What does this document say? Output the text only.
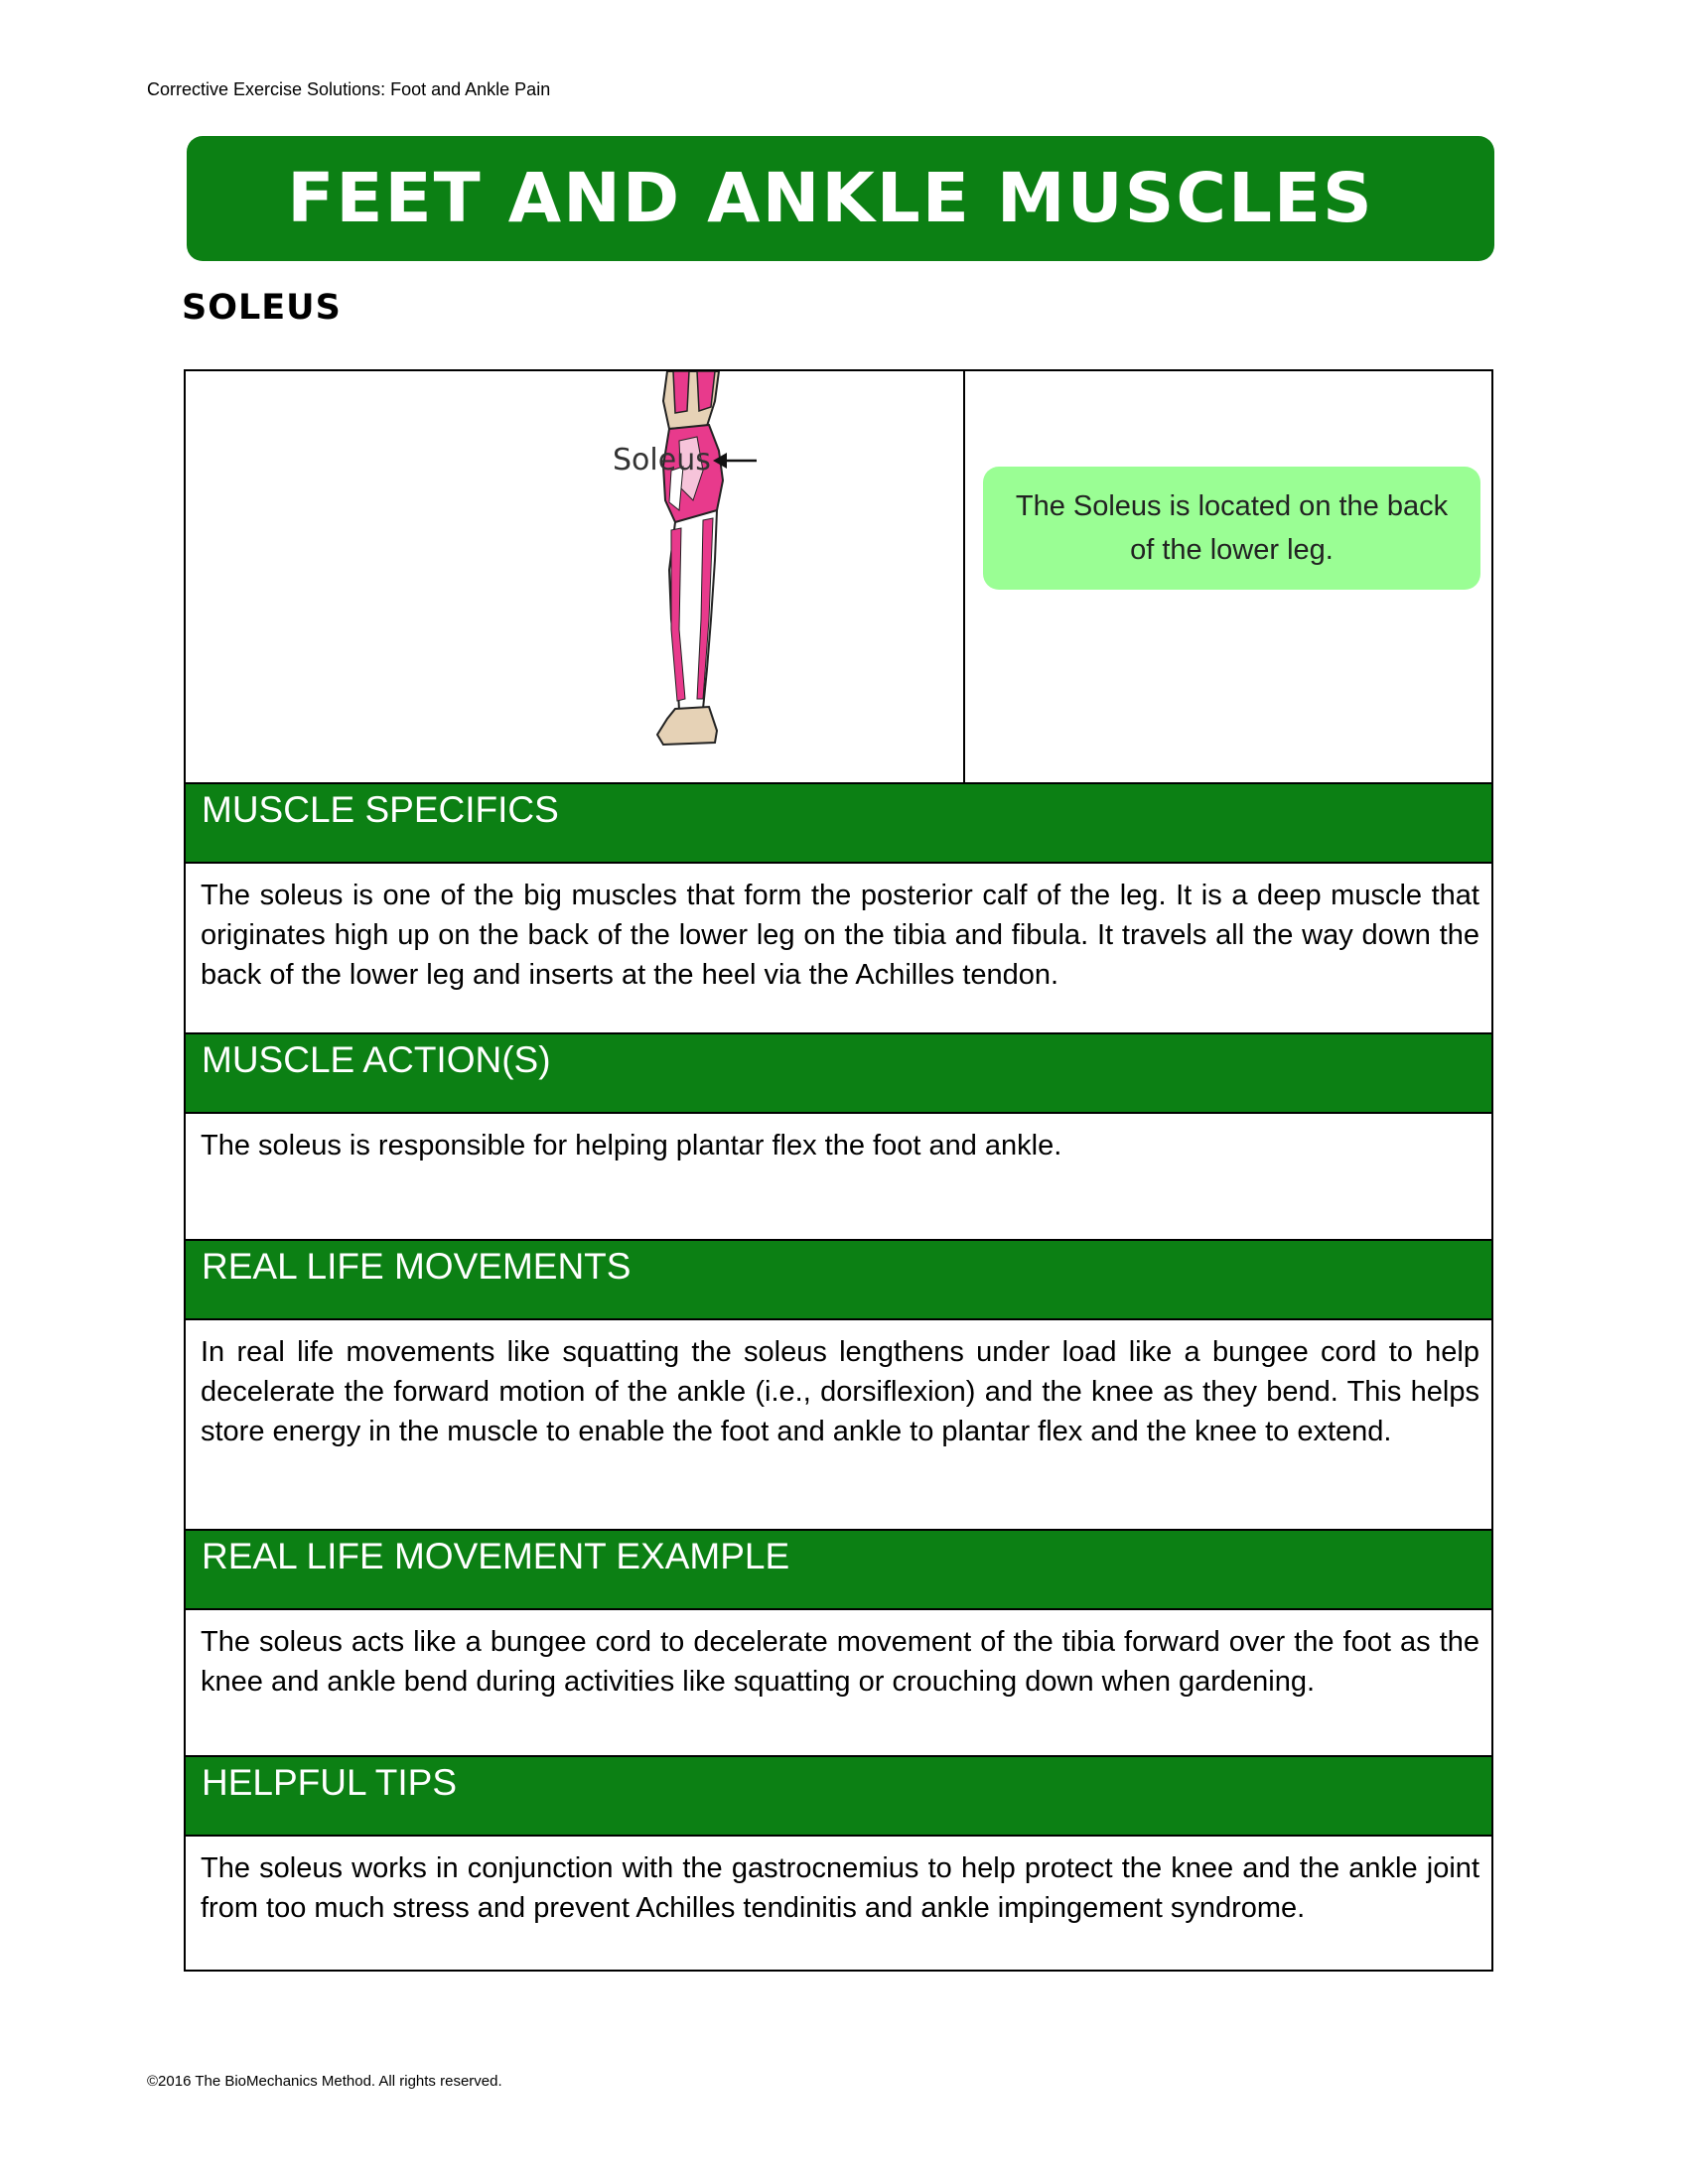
Corrective Exercise Solutions: Foot and Ankle Pain
FEET AND ANKLE MUSCLES
SOLEUS
Soleus
The Soleus is located on the back of the lower leg.
MUSCLE SPECIFICS
The soleus is one of the big muscles that form the posterior calf of the leg. It is a deep muscle that originates high up on the back of the lower leg on the tibia and fibula. It travels all the way down the back of the lower leg and inserts at the heel via the Achilles tendon.
MUSCLE ACTION(S)
The soleus is responsible for helping plantar flex the foot and ankle.
REAL LIFE MOVEMENTS
In real life movements like squatting the soleus lengthens under load like a bungee cord to help decelerate the forward motion of the ankle (i.e., dorsiflexion) and the knee as they bend. This helps store energy in the muscle to enable the foot and ankle to plantar flex and the knee to extend.
REAL LIFE MOVEMENT EXAMPLE
The soleus acts like a bungee cord to decelerate movement of the tibia forward over the foot as the knee and ankle bend during activities like squatting or crouching down when gardening.
HELPFUL TIPS
The soleus works in conjunction with the gastrocnemius to help protect the knee and the ankle joint from too much stress and prevent Achilles tendinitis and ankle impingement syndrome.
©2016 The BioMechanics Method. All rights reserved.
